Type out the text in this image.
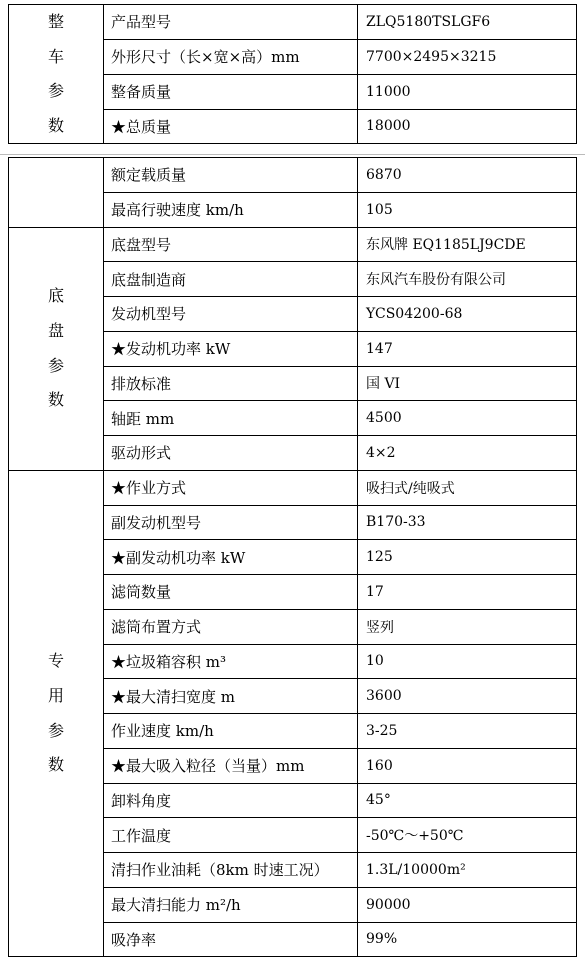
整
车
参
数	产品型号	ZLQ5180TSLGF6
	外形尺寸（长×宽×高）mm	7700×2495×3215
	整备质量	11000
	★总质量	18000
	额定载质量	6870
	最高行驶速度 km/h	105

底
盘
参
数	底盘型号	东风牌 EQ1185LJ9CDE
	底盘制造商	东风汽车股份有限公司
	发动机型号	YCS04200-68
	★发动机功率 kW	147
	排放标准	国 VI
	轴距 mm	4500
	驱动形式	4×2

专
用
参
数	★作业方式	吸扫式/纯吸式
	副发动机型号	B170-33
	★副发动机功率 kW	125
	滤筒数量	17
	滤筒布置方式	竖列
	★垃圾箱容积 m³	10
	★最大清扫宽度 m	3600
	作业速度 km/h	3-25
	★最大吸入粒径（当量）mm	160
	卸料角度	45°
	工作温度	-50℃～+50℃
	清扫作业油耗（8km 时速工况）	1.3L/10000m²
	最大清扫能力 m²/h	90000
	吸净率	99%
